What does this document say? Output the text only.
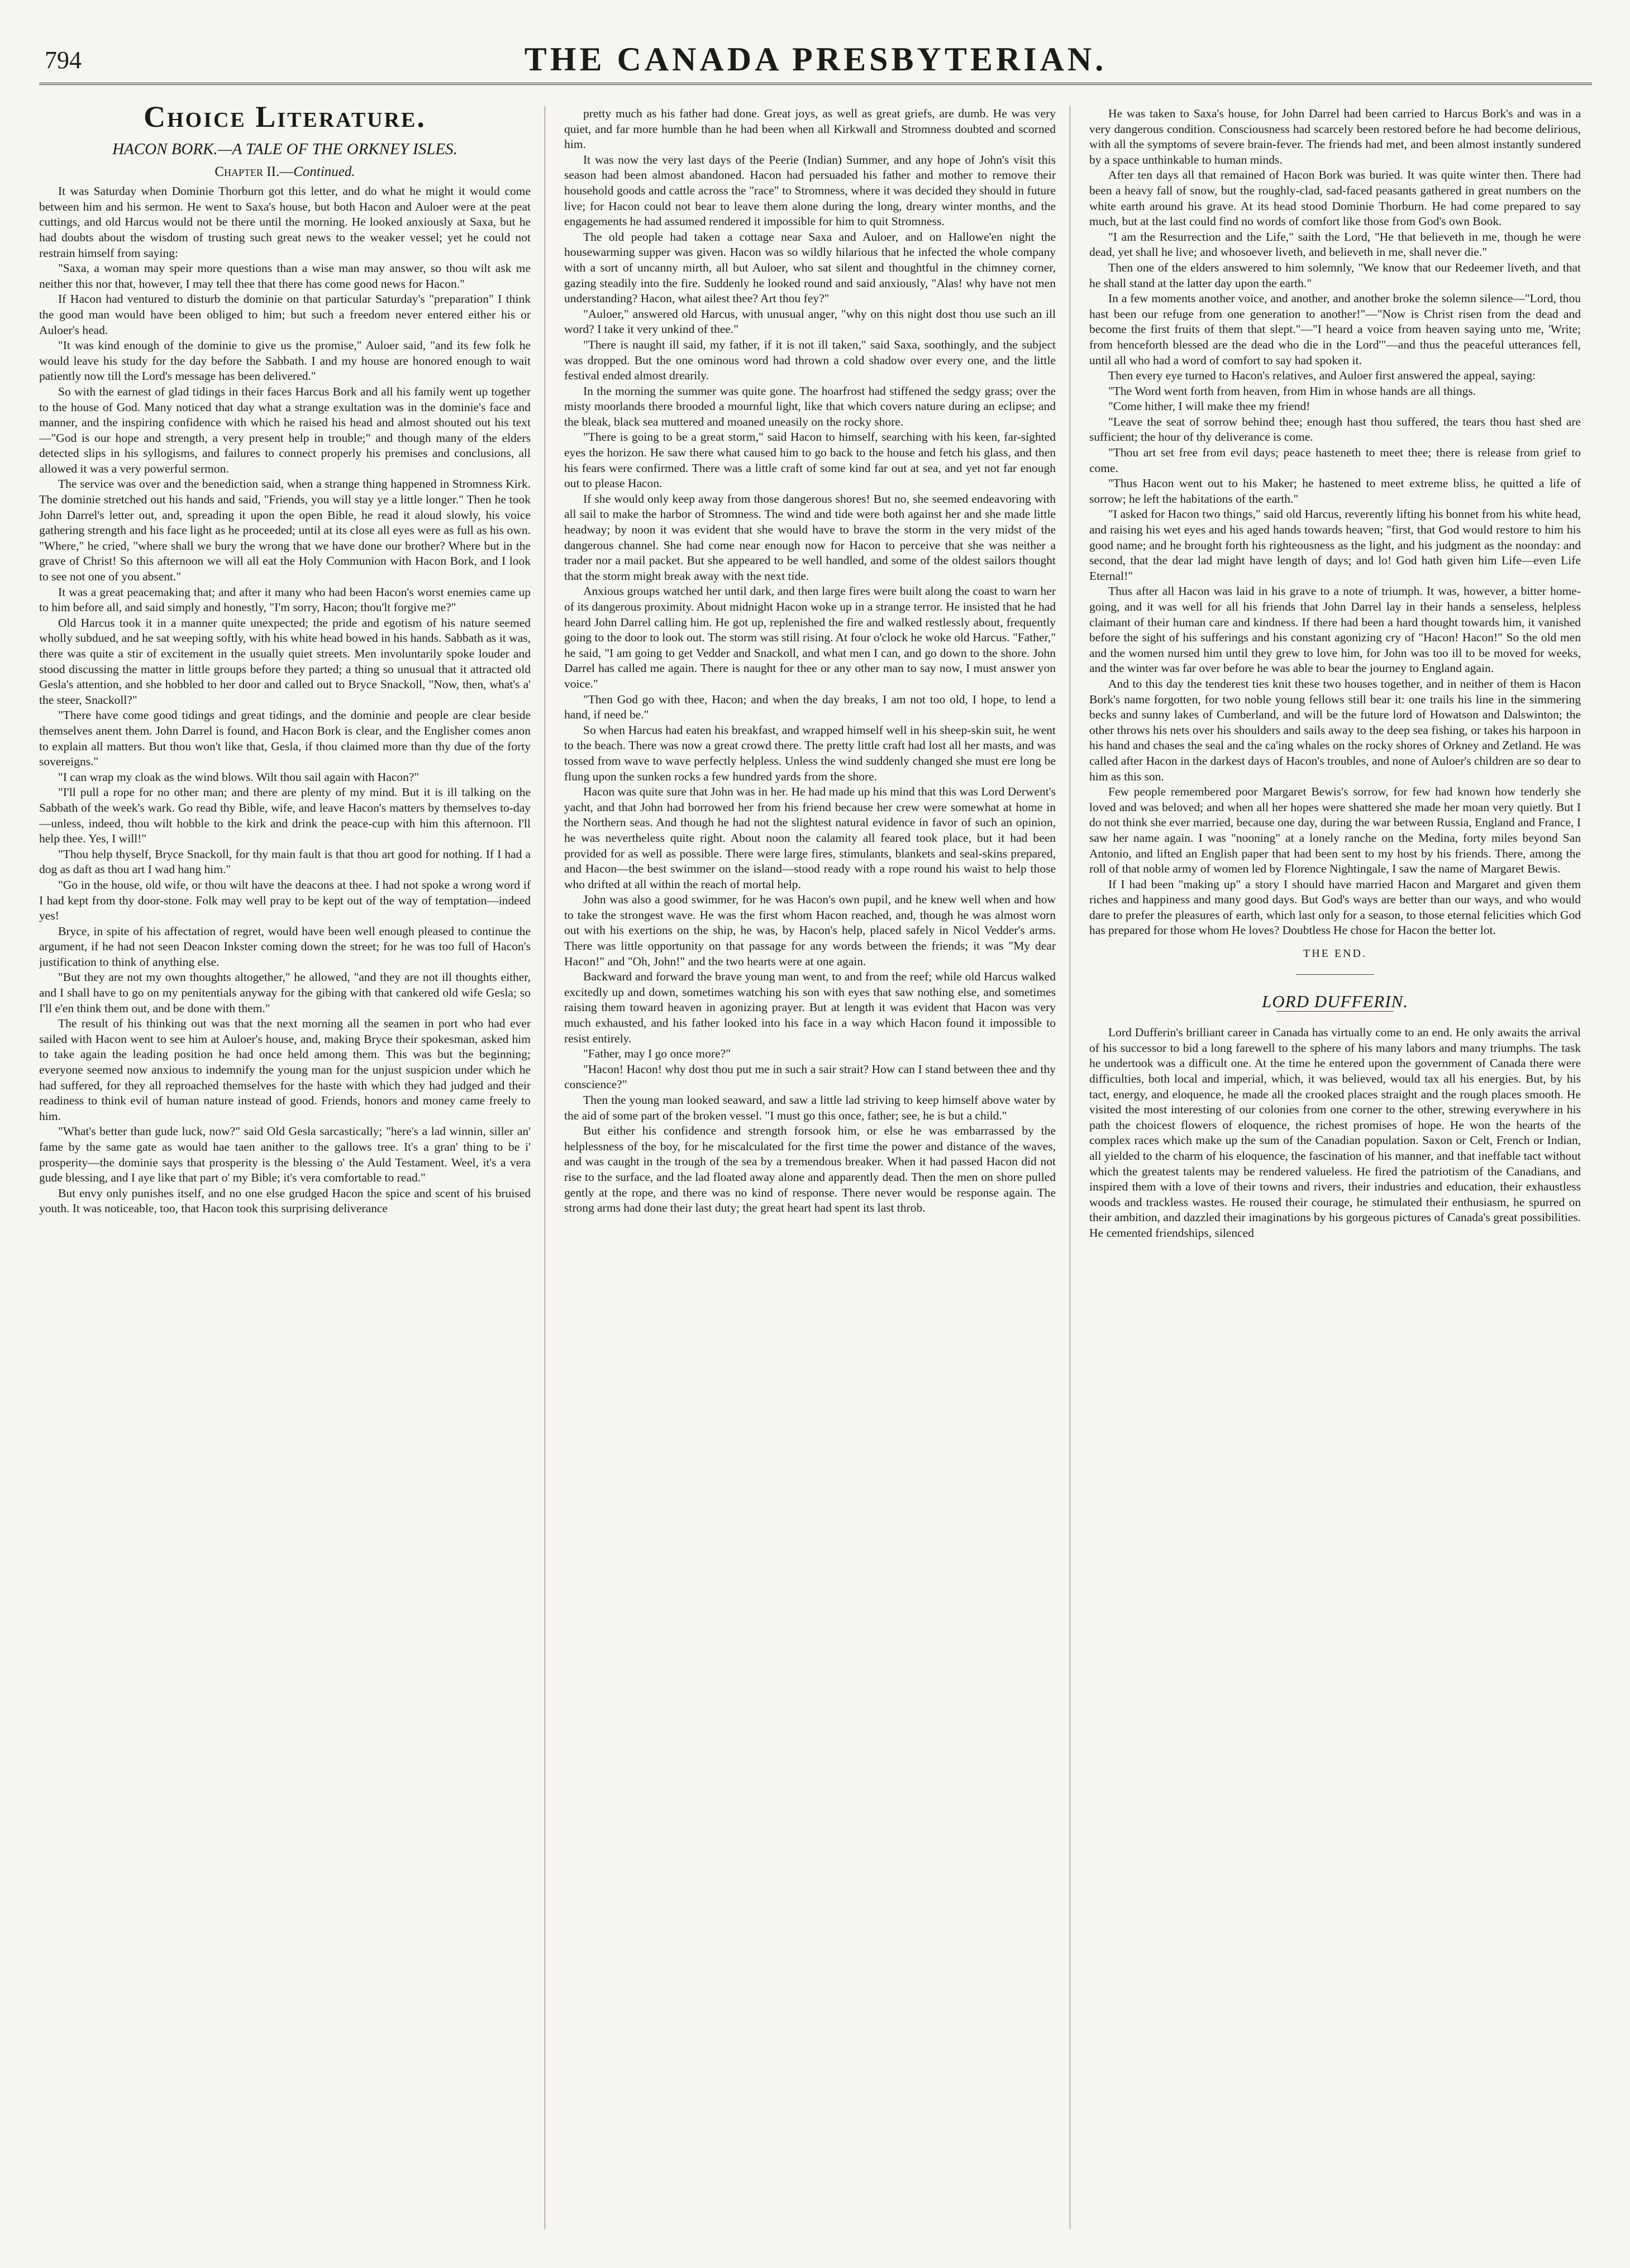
794	THE CANADA PRESBYTERIAN.
Choice Literature.
HACON BORK.—A TALE OF THE ORKNEY ISLES.
Chapter II.—Continued.

It was Saturday when Dominie Thorburn got this letter, and do what he might it would come between him and his sermon. He went to Saxa's house, but both Hacon and Auloer were at the peat cuttings, and old Harcus would not be there until the morning. He looked anxiously at Saxa, but he had doubts about the wisdom of trusting such great news to the weaker vessel; yet he could not restrain himself from saying:

"Saxa, a woman may speir more questions than a wise man may answer, so thou wilt ask me neither this nor that, however, I may tell thee that there has come good news for Hacon."

If Hacon had ventured to disturb the dominie on that particular Saturday's "preparation" I think the good man would have been obliged to him; but such a freedom never entered either his or Auloer's head.

"It was kind enough of the dominie to give us the promise," Auloer said, "and its few folk he would leave his study for the day before the Sabbath. I and my house are honored enough to wait patiently now till the Lord's message has been delivered."

So with the earnest of glad tidings in their faces Harcus Bork and all his family went up together to the house of God. Many noticed that day what a strange exultation was in the dominie's face and manner, and the inspiring confidence with which he raised his head and almost shouted out his text—"God is our hope and strength, a very present help in trouble;" and though many of the elders detected slips in his syllogisms, and failures to connect properly his premises and conclusions, all allowed it was a very powerful sermon.

The service was over and the benediction said, when a strange thing happened in Stromness Kirk. The dominie stretched out his hands and said, "Friends, you will stay ye a little longer." Then he took John Darrel's letter out, and, spreading it upon the open Bible, he read it aloud slowly, his voice gathering strength and his face light as he proceeded; until at its close all eyes were as full as his own. "Where," he cried, "where shall we bury the wrong that we have done our brother? Where but in the grave of Christ! So this afternoon we will all eat the Holy Communion with Hacon Bork, and I look to see not one of you absent."

It was a great peacemaking that; and after it many who had been Hacon's worst enemies came up to him before all, and said simply and honestly, "I'm sorry, Hacon; thou'lt forgive me?"

Old Harcus took it in a manner quite unexpected; the pride and egotism of his nature seemed wholly subdued, and he sat weeping softly, with his white head bowed in his hands. Sabbath as it was, there was quite a stir of excitement in the usually quiet streets. Men involuntarily spoke louder and stood discussing the matter in little groups before they parted; a thing so unusual that it attracted old Gesla's attention, and she hobbled to her door and called out to Bryce Snackoll, "Now, then, what's a' the steer, Snackoll?"

"There have come good tidings and great tidings, and the dominie and people are clear beside themselves anent them. John Darrel is found, and Hacon Bork is clear, and the Englisher comes anon to explain all matters. But thou won't like that, Gesla, if thou claimed more than thy due of the forty sovereigns."

"I can wrap my cloak as the wind blows. Wilt thou sail again with Hacon?"

"I'll pull a rope for no other man; and there are plenty of my mind. But it is ill talking on the Sabbath of the week's wark. Go read thy Bible, wife, and leave Hacon's matters by themselves to-day—unless, indeed, thou wilt hobble to the kirk and drink the peace-cup with him this afternoon. I'll help thee. Yes, I will!"

"Thou help thyself, Bryce Snackoll, for thy main fault is that thou art good for nothing. If I had a dog as daft as thou art I wad hang him."

"Go in the house, old wife, or thou wilt have the deacons at thee. I had not spoke a wrong word if I had kept from thy door-stone. Folk may well pray to be kept out of the way of temptation—indeed yes!

Bryce, in spite of his affectation of regret, would have been well enough pleased to continue the argument, if he had not seen Deacon Inkster coming down the street; for he was too full of Hacon's justification to think of anything else.

"But they are not my own thoughts altogether," he allowed, "and they are not ill thoughts either, and I shall have to go on my penitentials anyway for the gibing with that cankered old wife Gesla; so I'll e'en think them out, and be done with them."

The result of his thinking out was that the next morning all the seamen in port who had ever sailed with Hacon went to see him at Auloer's house, and, making Bryce their spokesman, asked him to take again the leading position he had once held among them. This was but the beginning; everyone seemed now anxious to indemnify the young man for the unjust suspicion under which he had suffered, for they all reproached themselves for the haste with which they had judged and their readiness to think evil of human nature instead of good. Friends, honors and money came freely to him.

"What's better than gude luck, now?" said Old Gesla sarcastically; "here's a lad winnin, siller an' fame by the same gate as would hae taen anither to the gallows tree. It's a gran' thing to be i' prosperity—the dominie says that prosperity is the blessing o' the Auld Testament. Weel, it's a vera gude blessing, and I aye like that part o' my Bible; it's vera comfortable to read."

But envy only punishes itself, and no one else grudged Hacon the spice and scent of his bruised youth. It was noticeable, too, that Hacon took this surprising deliverance

pretty much as his father had done. Great joys, as well as great griefs, are dumb. He was very quiet, and far more humble than he had been when all Kirkwall and Stromness doubted and scorned him.

It was now the very last days of the Peerie (Indian) Summer, and any hope of John's visit this season had been almost abandoned. Hacon had persuaded his father and mother to remove their household goods and cattle across the "race" to Stromness, where it was decided they should in future live; for Hacon could not bear to leave them alone during the long, dreary winter months, and the engagements he had assumed rendered it impossible for him to quit Stromness.

The old people had taken a cottage near Saxa and Auloer, and on Hallowe'en night the housewarming supper was given. Hacon was so wildly hilarious that he infected the whole company with a sort of uncanny mirth, all but Auloer, who sat silent and thoughtful in the chimney corner, gazing steadily into the fire. Suddenly he looked round and said anxiously, "Alas! why have not men understanding? Hacon, what ailest thee? Art thou fey?"

"Auloer," answered old Harcus, with unusual anger, "why on this night dost thou use such an ill word? I take it very unkind of thee."

"There is naught ill said, my father, if it is not ill taken," said Saxa, soothingly, and the subject was dropped. But the one ominous word had thrown a cold shadow over every one, and the little festival ended almost drearily.

In the morning the summer was quite gone. The hoarfrost had stiffened the sedgy grass; over the misty moorlands there brooded a mournful light, like that which covers nature during an eclipse; and the bleak, black sea muttered and moaned uneasily on the rocky shore.

"There is going to be a great storm," said Hacon to himself, searching with his keen, far-sighted eyes the horizon. He saw there what caused him to go back to the house and fetch his glass, and then his fears were confirmed. There was a little craft of some kind far out at sea, and yet not far enough out to please Hacon.

If she would only keep away from those dangerous shores! But no, she seemed endeavoring with all sail to make the harbor of Stromness. The wind and tide were both against her and she made little headway; by noon it was evident that she would have to brave the storm in the very midst of the dangerous channel. She had come near enough now for Hacon to perceive that she was neither a trader nor a mail packet. But she appeared to be well handled, and some of the oldest sailors thought that the storm might break away with the next tide.

Anxious groups watched her until dark, and then large fires were built along the coast to warn her of its dangerous proximity. About midnight Hacon woke up in a strange terror. He insisted that he had heard John Darrel calling him. He got up, replenished the fire and walked restlessly about, frequently going to the door to look out. The storm was still rising. At four o'clock he woke old Harcus. "Father," he said, "I am going to get Vedder and Snackoll, and what men I can, and go down to the shore. John Darrel has called me again. There is naught for thee or any other man to say now, I must answer yon voice."

"Then God go with thee, Hacon; and when the day breaks, I am not too old, I hope, to lend a hand, if need be."

So when Harcus had eaten his breakfast, and wrapped himself well in his sheep-skin suit, he went to the beach. There was now a great crowd there. The pretty little craft had lost all her masts, and was tossed from wave to wave perfectly helpless. Unless the wind suddenly changed she must ere long be flung upon the sunken rocks a few hundred yards from the shore.

Hacon was quite sure that John was in her. He had made up his mind that this was Lord Derwent's yacht, and that John had borrowed her from his friend because her crew were somewhat at home in the Northern seas. And though he had not the slightest natural evidence in favor of such an opinion, he was nevertheless quite right. About noon the calamity all feared took place, but it had been provided for as well as possible. There were large fires, stimulants, blankets and seal-skins prepared, and Hacon—the best swimmer on the island—stood ready with a rope round his waist to help those who drifted at all within the reach of mortal help.

John was also a good swimmer, for he was Hacon's own pupil, and he knew well when and how to take the strongest wave. He was the first whom Hacon reached, and, though he was almost worn out with his exertions on the ship, he was, by Hacon's help, placed safely in Nicol Vedder's arms. There was little opportunity on that passage for any words between the friends; it was "My dear Hacon!" and "Oh, John!" and the two hearts were at one again.

Backward and forward the brave young man went, to and from the reef; while old Harcus walked excitedly up and down, sometimes watching his son with eyes that saw nothing else, and sometimes raising them toward heaven in agonizing prayer. But at length it was evident that Hacon was very much exhausted, and his father looked into his face in a way which Hacon found it impossible to resist entirely.

"Father, may I go once more?"

"Hacon! Hacon! why dost thou put me in such a sair strait? How can I stand between thee and thy conscience?"

Then the young man looked seaward, and saw a little lad striving to keep himself above water by the aid of some part of the broken vessel. "I must go this once, father; see, he is but a child."

But either his confidence and strength forsook him, or else he was embarrassed by the helplessness of the boy, for he miscalculated for the first time the power and distance of the waves, and was caught in the trough of the sea by a tremendous breaker. When it had passed Hacon did not rise to the surface, and the lad floated away alone and apparently dead. Then the men on shore pulled gently at the rope, and there was no kind of response. There never would be response again. The strong arms had done their last duty; the great heart had spent its last throb.

He was taken to Saxa's house, for John Darrel had been carried to Harcus Bork's and was in a very dangerous condition. Consciousness had scarcely been restored before he had become delirious, with all the symptoms of severe brain-fever. The friends had met, and been almost instantly sundered by a space unthinkable to human minds.

After ten days all that remained of Hacon Bork was buried. It was quite winter then. There had been a heavy fall of snow, but the roughly-clad, sad-faced peasants gathered in great numbers on the white earth around his grave. At its head stood Dominie Thorburn. He had come prepared to say much, but at the last could find no words of comfort like those from God's own Book.

"I am the Resurrection and the Life," saith the Lord, "He that believeth in me, though he were dead, yet shall he live; and whosoever liveth, and believeth in me, shall never die."

Then one of the elders answered to him solemnly, "We know that our Redeemer liveth, and that he shall stand at the latter day upon the earth."

In a few moments another voice, and another, and another broke the solemn silence—"Lord, thou hast been our refuge from one generation to another!"—"Now is Christ risen from the dead and become the first fruits of them that slept."—"I heard a voice from heaven saying unto me, 'Write; from henceforth blessed are the dead who die in the Lord'"—and thus the peaceful utterances fell, until all who had a word of comfort to say had spoken it.

Then every eye turned to Hacon's relatives, and Auloer first answered the appeal, saying:

"The Word went forth from heaven, from Him in whose hands are all things.

"Come hither, I will make thee my friend!

"Leave the seat of sorrow behind thee; enough hast thou suffered, the tears thou hast shed are sufficient; the hour of thy deliverance is come.

"Thou art set free from evil days; peace hasteneth to meet thee; there is release from grief to come.

"Thus Hacon went out to his Maker; he hastened to meet extreme bliss, he quitted a life of sorrow; he left the habitations of the earth."

"I asked for Hacon two things," said old Harcus, reverently lifting his bonnet from his white head, and raising his wet eyes and his aged hands towards heaven; "first, that God would restore to him his good name; and he brought forth his righteousness as the light, and his judgment as the noonday: and second, that the dear lad might have length of days; and lo! God hath given him Life—even Life Eternal!"

Thus after all Hacon was laid in his grave to a note of triumph. It was, however, a bitter home-going, and it was well for all his friends that John Darrel lay in their hands a senseless, helpless claimant of their human care and kindness. If there had been a hard thought towards him, it vanished before the sight of his sufferings and his constant agonizing cry of "Hacon! Hacon!" So the old men and the women nursed him until they grew to love him, for John was too ill to be moved for weeks, and the winter was far over before he was able to bear the journey to England again.

And to this day the tenderest ties knit these two houses together, and in neither of them is Hacon Bork's name forgotten, for two noble young fellows still bear it: one trails his line in the simmering becks and sunny lakes of Cumberland, and will be the future lord of Howatson and Dalswinton; the other throws his nets over his shoulders and sails away to the deep sea fishing, or takes his harpoon in his hand and chases the seal and the ca'ing whales on the rocky shores of Orkney and Zetland. He was called after Hacon in the darkest days of Hacon's troubles, and none of Auloer's children are so dear to him as this son.

Few people remembered poor Margaret Bewis's sorrow, for few had known how tenderly she loved and was beloved; and when all her hopes were shattered she made her moan very quietly. But I do not think she ever married, because one day, during the war between Russia, England and France, I saw her name again. I was "nooning" at a lonely ranche on the Medina, forty miles beyond San Antonio, and lifted an English paper that had been sent to my host by his friends. There, among the roll of that noble army of women led by Florence Nightingale, I saw the name of Margaret Bewis.

If I had been "making up" a story I should have married Hacon and Margaret and given them riches and happiness and many good days. But God's ways are better than our ways, and who would dare to prefer the pleasures of earth, which last only for a season, to those eternal felicities which God has prepared for those whom He loves? Doubtless He chose for Hacon the better lot.

THE END.
LORD DUFFERIN.

Lord Dufferin's brilliant career in Canada has virtually come to an end. He only awaits the arrival of his successor to bid a long farewell to the sphere of his many labors and many triumphs. The task he undertook was a difficult one. At the time he entered upon the government of Canada there were difficulties, both local and imperial, which, it was believed, would tax all his energies. But, by his tact, energy, and eloquence, he made all the crooked places straight and the rough places smooth. He visited the most interesting of our colonies from one corner to the other, strewing everywhere in his path the choicest flowers of eloquence, the richest promises of hope. He won the hearts of the complex races which make up the sum of the Canadian population. Saxon or Celt, French or Indian, all yielded to the charm of his eloquence, the fascination of his manner, and that ineffable tact without which the greatest talents may be rendered valueless. He fired the patriotism of the Canadians, and inspired them with a love of their towns and rivers, their industries and education, their exhaustless woods and trackless wastes. He roused their courage, he stimulated their enthusiasm, he spurred on their ambition, and dazzled their imaginations by his gorgeous pictures of Canada's great possibilities. He cemented friendships, silenced
